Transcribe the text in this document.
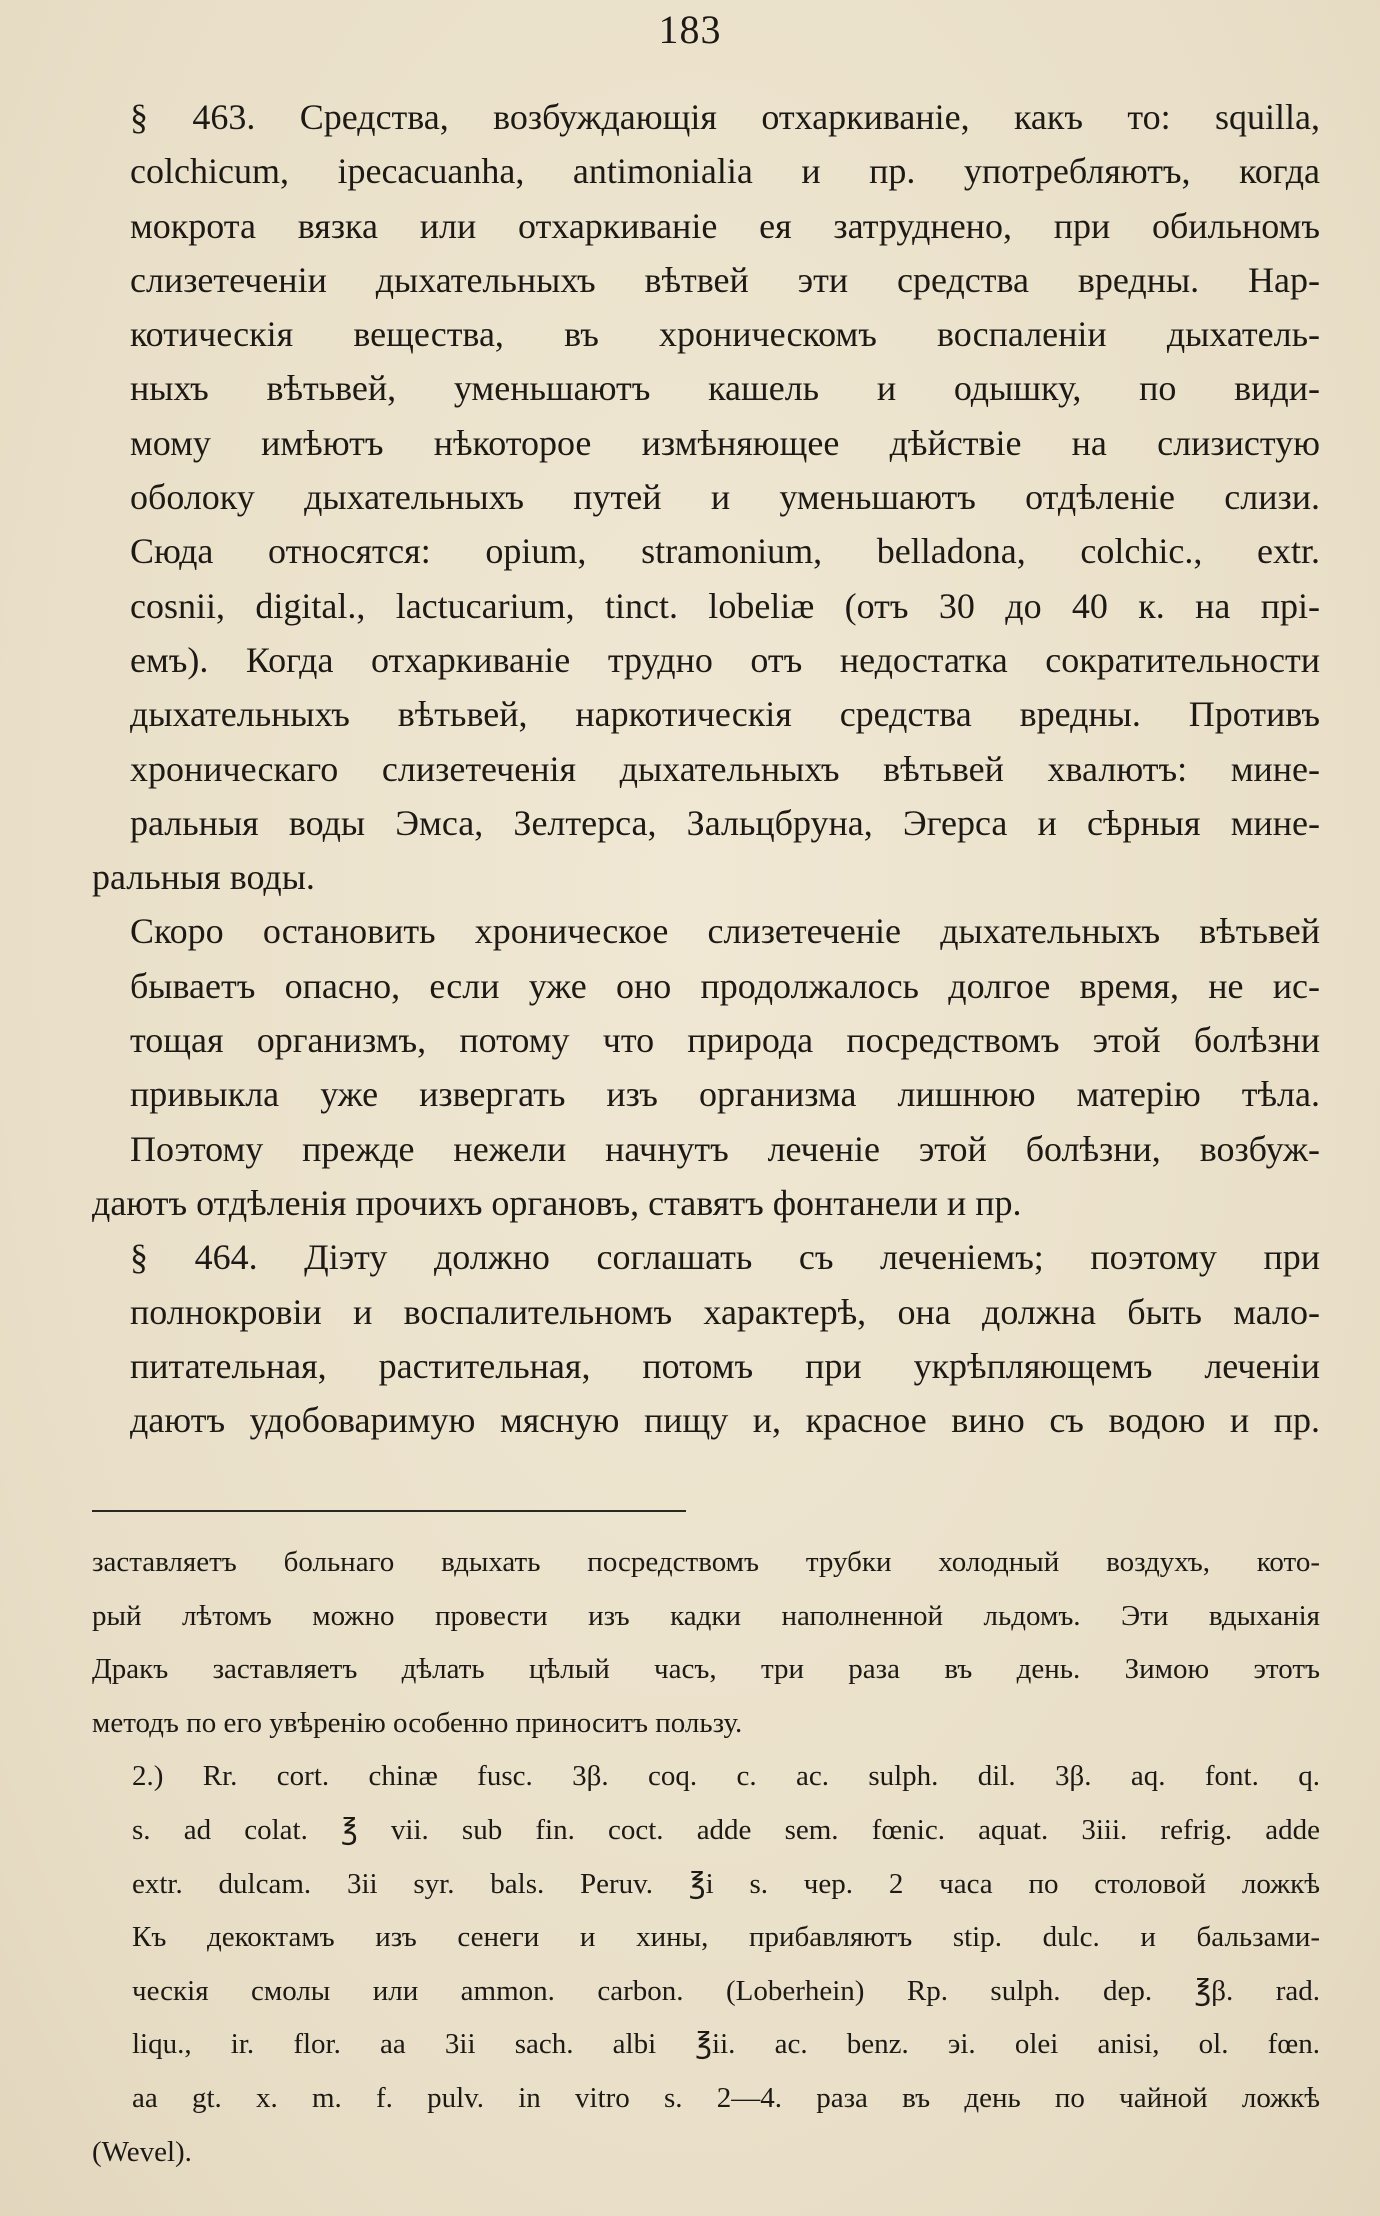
183

§ 463. Средства, возбуждающія отхаркиванiе, какъ то: squilla,
colchicum, ipecacuanha, antimonialia и пр. употребляютъ, когда
мокрота вязка или отхаркиванiе ея затруднено, при обильномъ
слизетеченiи дыхательныхъ вѣтвей эти средства вредны. Нар-
котическiя вещества, въ хроническомъ воспаленiи дыхатель-
ныхъ вѣтьвей, уменьшаютъ кашель и одышку, по види-
мому имѣютъ нѣкоторое измѣняющее дѣйствiе на слизистую
оболоку дыхательныхъ путей и уменьшаютъ отдѣленiе слизи.
Сюда относятся: opium, stramonium, belladona, colchic., extr.
cosnii, digital., lactucarium, tinct. lobeliæ (отъ 30 до 40 к. на прi-
емъ). Когда отхаркиванiе трудно отъ недостатка сократительности
дыхательныхъ вѣтьвей, наркотическiя средства вредны. Противъ
хроническаго слизетеченiя дыхательныхъ вѣтьвей хвалютъ: мине-
ральныя воды Эмса, Зелтерса, Зальцбруна, Эгерса и сѣрныя мине-

ральныя воды.

Скоро остановить хроническое слизетеченiе дыхательныхъ вѣтьвей
бываетъ опасно, если уже оно продолжалось долгое время, не ис-
тощая организмъ, потому что природа посредствомъ этой болѣзни
привыкла уже извергать изъ организма лишнюю матерiю тѣла.
Поэтому прежде нежели начнутъ леченiе этой болѣзни, возбуж-

даютъ отдѣленiя прочихъ органовъ, ставятъ фонтанели и пр.

§ 464. Дiэту должно соглашать съ леченiемъ; поэтому при
полнокровiи и воспалительномъ характерѣ, она должна быть мало-
питательная, растительная, потомъ при укрѣпляющемъ леченiи
даютъ удобоваримую мясную пищу и, красное вино съ водою и пр.

заставляетъ больнаго вдыхать посредствомъ трубки холодный воздухъ, кото-
рый лѣтомъ можно провести изъ кадки наполненной льдомъ. Эти вдыханiя
Дракъ заставляетъ дѣлать цѣлый часъ, три раза въ день. Зимою этотъ

методъ по его увѣренiю особенно приноситъ пользу.

2.) Rr. cort. chinæ fusc. 3β. coq. c. ac. sulph. dil. 3β. aq. font. q.
s. ad colat. ℥ vii. sub fin. coct. adde sem. fœnic. aquat. 3iii. refrig. adde
extr. dulcam. 3ii syr. bals. Peruv. ℥i s. чер. 2 часа по столовой ложкѣ
Къ декоктамъ изъ сенеги и хины, прибавляютъ stip. dulc. и бальзами-
ческiя смолы или ammon. carbon. (Loberhein) Rp. sulph. dep. ℥β. rad.
liqu., ir. flor. aa 3ii sach. albi ℥ii. ac. benz. эi. olei anisi, ol. fœn.
aa gt. x. m. f. pulv. in vitro s. 2—4. раза въ день по чайной ложкѣ

(Wevel).
